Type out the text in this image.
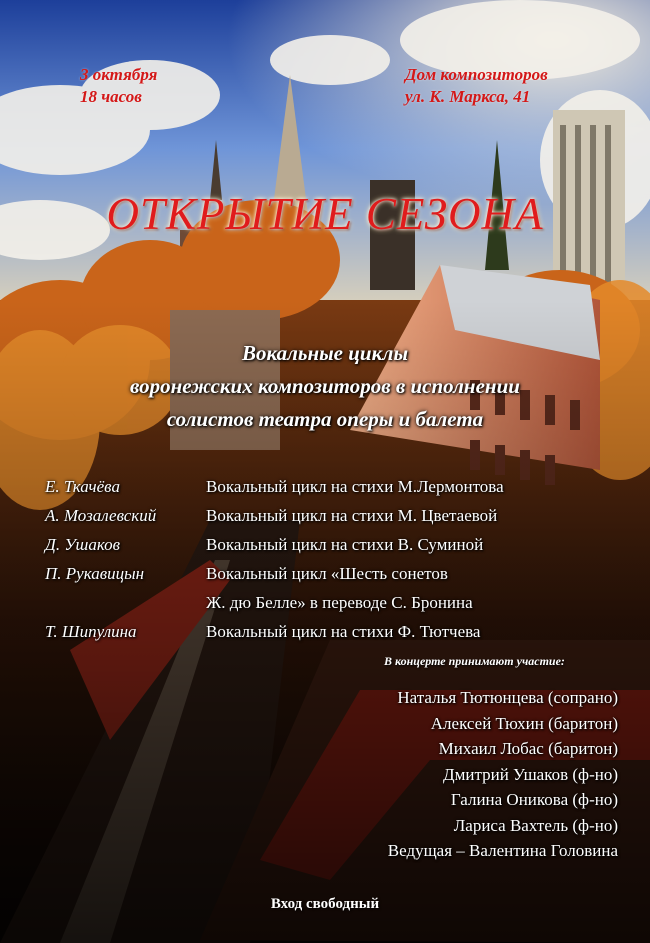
3 октября
18 часов
Дом композиторов
ул. К. Маркса, 41
ОТКРЫТИЕ СЕЗОНА
Вокальные циклы
воронежских композиторов в исполнении
солистов театра оперы и балета
Е. Ткачёва	Вокальный цикл на стихи М.Лермонтова
А. Мозалевский	Вокальный цикл на стихи М. Цветаевой
Д. Ушаков	Вокальный цикл на стихи В. Суминой
П. Рукавицын	Вокальный цикл «Шесть сонетов
Ж. дю Белле» в переводе С. Бронина
Т. Шипулина	Вокальный цикл на стихи Ф. Тютчева
В концерте принимают участие:
Наталья Тютюнцева (сопрано)
Алексей Тюхин (баритон)
Михаил Лобас (баритон)
Дмитрий Ушаков (ф-но)
Галина Оникова (ф-но)
Лариса Вахтель (ф-но)
Ведущая – Валентина Головина
Вход свободный
